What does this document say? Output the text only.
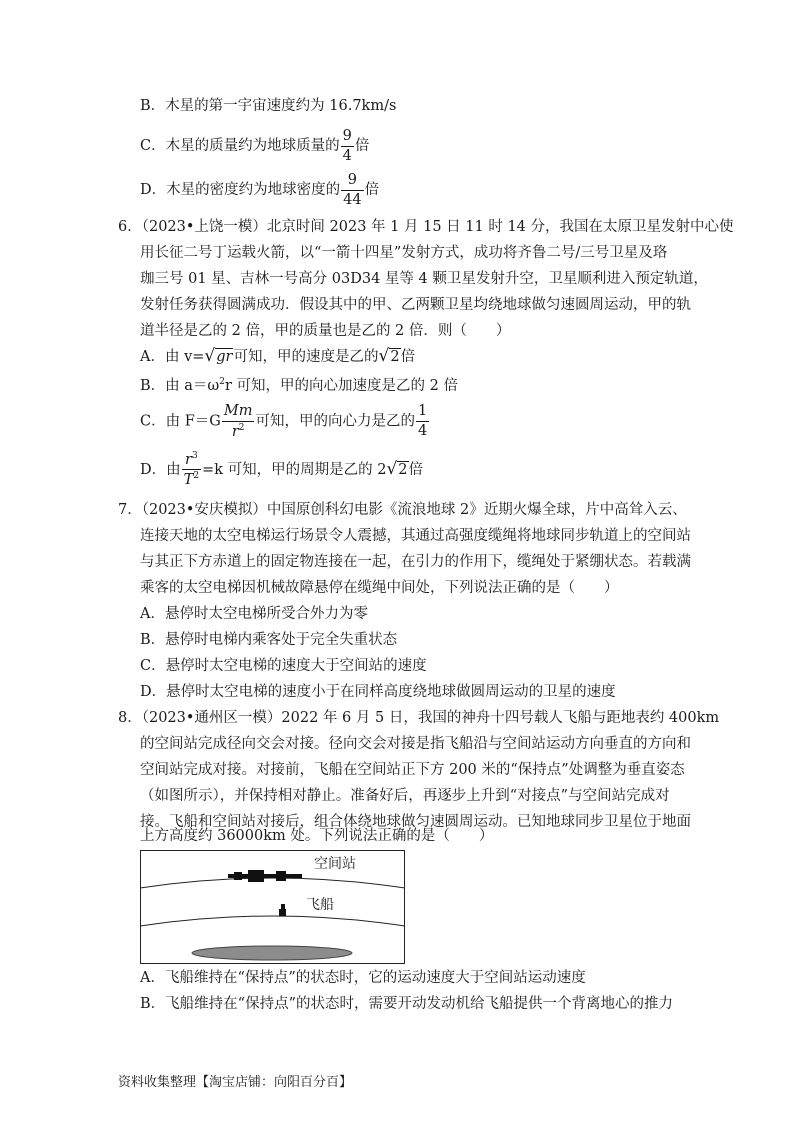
B．木星的第一宇宙速度约为 16.7km/s
C．木星的质量约为地球质量的 $\frac{9}{4}$ 倍
D．木星的密度约为地球密度的 $\frac{9}{44}$ 倍
6．（2023•上饶一模）北京时间 2023 年 1 月 15 日 11 时 14 分，我国在太原卫星发射中心使
用长征二号丁运载火箭，以“一箭十四星”发射方式，成功将齐鲁二号/三号卫星及珞
珈三号 01 星、吉林一号高分 03D34 星等 4 颗卫星发射升空，卫星顺利进入预定轨道，
发射任务获得圆满成功．假设其中的甲、乙两颗卫星均绕地球做匀速圆周运动，甲的轨
道半径是乙的 2 倍，甲的质量也是乙的 2 倍．则（　　）
A．由 v=√gr可知，甲的速度是乙的√2倍
B．由 $a=\omega^2r$ 可知，甲的向心加速度是乙的 2 倍
C．由 $F=G \frac{Mm}{r^2}$ 可知，甲的向心力是乙的 $\frac{1}{4}$
D．由 $\frac{r^3}{T^2} =k$ 可知，甲的周期是乙的 2√2倍
7．（2023•安庆模拟）中国原创科幻电影《流浪地球 2》近期火爆全球，片中高耸入云、
连接天地的太空电梯运行场景令人震撼，其通过高强度缆绳将地球同步轨道上的空间站
与其正下方赤道上的固定物连接在一起，在引力的作用下，缆绳处于紧绷状态。若载满
乘客的太空电梯因机械故障悬停在缆绳中间处，下列说法正确的是（　　）
A．悬停时太空电梯所受合外力为零
B．悬停时电梯内乘客处于完全失重状态
C．悬停时太空电梯的速度大于空间站的速度
D．悬停时太空电梯的速度小于在同样高度绕地球做圆周运动的卫星的速度
8．（2023•通州区一模）2022 年 6 月 5 日，我国的神舟十四号载人飞船与距地表约 400km
的空间站完成径向交会对接。径向交会对接是指飞船沿与空间站运动方向垂直的方向和
空间站完成对接。对接前，飞船在空间站正下方 200 米的“保持点”处调整为垂直姿态
（如图所示），并保持相对静止。准备好后，再逐步上升到“对接点”与空间站完成对
接。飞船和空间站对接后，组合体绕地球做匀速圆周运动。已知地球同步卫星位于地面
上方高度约 36000km 处。下列说法正确的是（　　）
空间站
飞船
A．飞船维持在“保持点”的状态时，它的运动速度大于空间站运动速度
B．飞船维持在“保持点”的状态时，需要开动发动机给飞船提供一个背离地心的推力
资料收集整理【淘宝店铺：向阳百分百】
